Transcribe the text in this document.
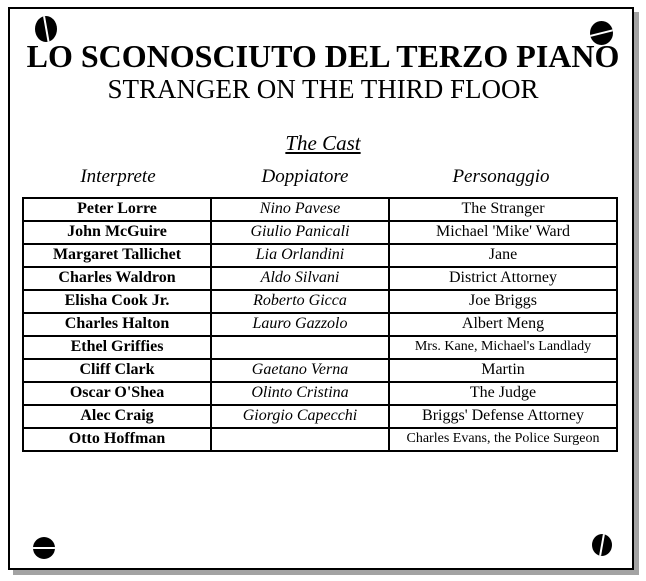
LO SCONOSCIUTO DEL TERZO PIANO
STRANGER ON THE THIRD FLOOR
The Cast
Interprete	Doppiatore	Personaggio
Peter Lorre	Nino Pavese	The Stranger
John McGuire	Giulio Panicali	Michael 'Mike' Ward
Margaret Tallichet	Lia Orlandini	Jane
Charles Waldron	Aldo Silvani	District Attorney
Elisha Cook Jr.	Roberto Gicca	Joe Briggs
Charles Halton	Lauro Gazzolo	Albert Meng
Ethel Griffies		Mrs. Kane, Michael's Landlady
Cliff Clark	Gaetano Verna	Martin
Oscar O'Shea	Olinto Cristina	The Judge
Alec Craig	Giorgio Capecchi	Briggs' Defense Attorney
Otto Hoffman		Charles Evans, the Police Surgeon
